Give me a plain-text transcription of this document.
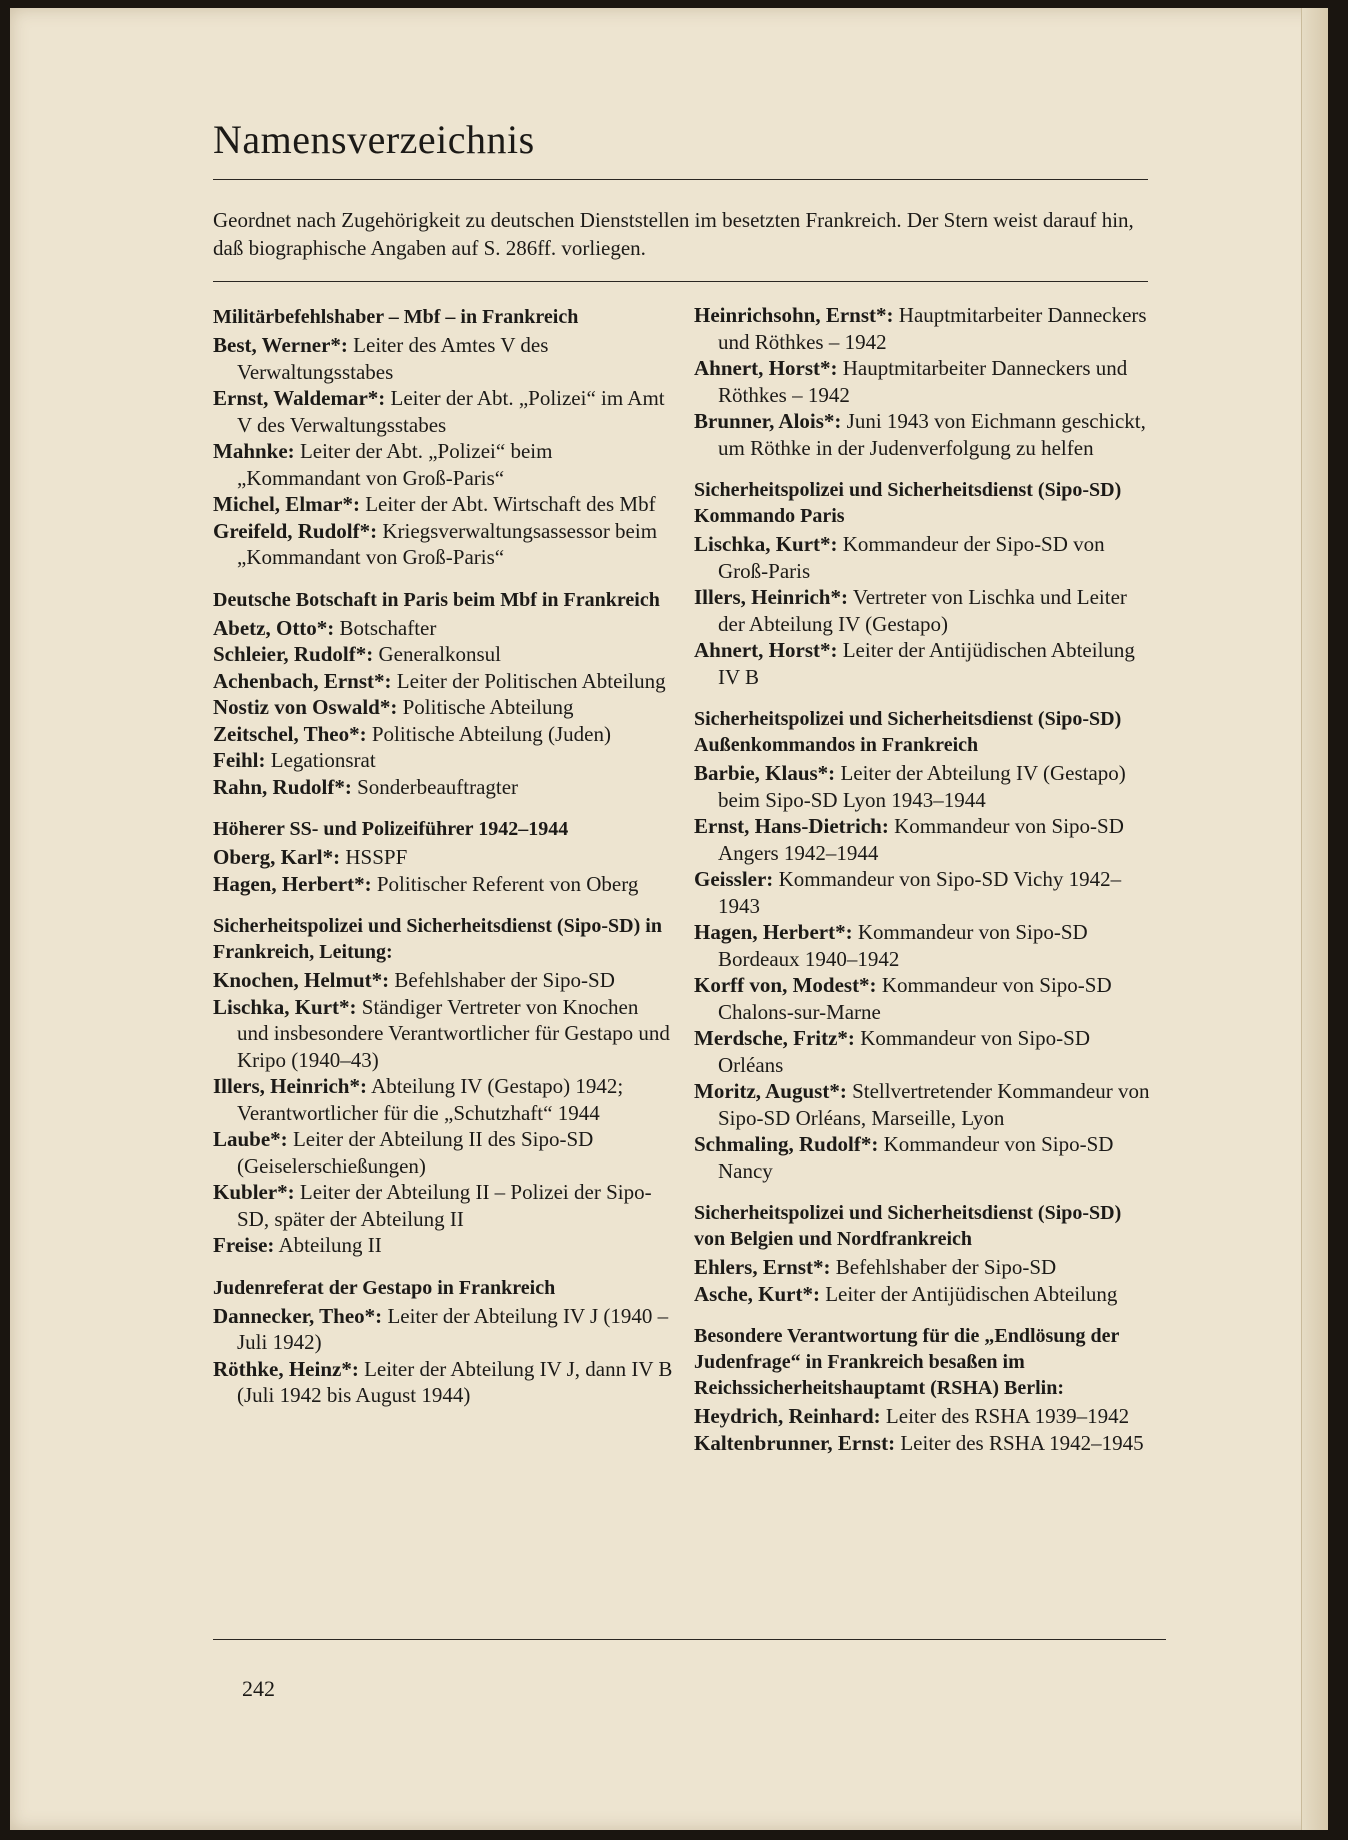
Namensverzeichnis

Geordnet nach Zugehörigkeit zu deutschen Dienststellen im besetzten Frankreich. Der Stern weist darauf hin, daß biographische Angaben auf S. 286ff. vorliegen.

Militärbefehlshaber – Mbf – in Frankreich

Best, Werner*: Leiter des Amtes V des Verwaltungsstabes

Ernst, Waldemar*: Leiter der Abt. „Polizei“ im Amt V des Verwaltungsstabes

Mahnke: Leiter der Abt. „Polizei“ beim „Kommandant von Groß-Paris“

Michel, Elmar*: Leiter der Abt. Wirtschaft des Mbf

Greifeld, Rudolf*: Kriegsverwaltungsassessor beim „Kommandant von Groß-Paris“

Deutsche Botschaft in Paris beim Mbf in Frankreich

Abetz, Otto*: Botschafter

Schleier, Rudolf*: Generalkonsul

Achenbach, Ernst*: Leiter der Politischen Abteilung

Nostiz von Oswald*: Politische Abteilung

Zeitschel, Theo*: Politische Abteilung (Juden)

Feihl: Legationsrat

Rahn, Rudolf*: Sonderbeauftragter

Höherer SS- und Polizeiführer 1942–1944

Oberg, Karl*: HSSPF

Hagen, Herbert*: Politischer Referent von Oberg

Sicherheitspolizei und Sicherheitsdienst (Sipo-SD) in Frankreich, Leitung:

Knochen, Helmut*: Befehlshaber der Sipo-SD

Lischka, Kurt*: Ständiger Vertreter von Knochen und insbesondere Verantwortlicher für Gestapo und Kripo (1940–43)

Illers, Heinrich*: Abteilung IV (Gestapo) 1942; Verantwortlicher für die „Schutzhaft“ 1944

Laube*: Leiter der Abteilung II des Sipo-SD (Geiselerschießungen)

Kubler*: Leiter der Abteilung II – Polizei der Sipo-SD, später der Abteilung II

Freise: Abteilung II

Judenreferat der Gestapo in Frankreich

Dannecker, Theo*: Leiter der Abteilung IV J (1940 – Juli 1942)

Röthke, Heinz*: Leiter der Abteilung IV J, dann IV B (Juli 1942 bis August 1944)

Heinrichsohn, Ernst*: Hauptmitarbeiter Danneckers und Röthkes – 1942

Ahnert, Horst*: Hauptmitarbeiter Danneckers und Röthkes – 1942

Brunner, Alois*: Juni 1943 von Eichmann geschickt, um Röthke in der Judenverfolgung zu helfen

Sicherheitspolizei und Sicherheitsdienst (Sipo-SD) Kommando Paris

Lischka, Kurt*: Kommandeur der Sipo-SD von Groß-Paris

Illers, Heinrich*: Vertreter von Lischka und Leiter der Abteilung IV (Gestapo)

Ahnert, Horst*: Leiter der Antijüdischen Abteilung IV B

Sicherheitspolizei und Sicherheitsdienst (Sipo-SD) Außenkommandos in Frankreich

Barbie, Klaus*: Leiter der Abteilung IV (Gestapo) beim Sipo-SD Lyon 1943–1944

Ernst, Hans-Dietrich: Kommandeur von Sipo-SD Angers 1942–1944

Geissler: Kommandeur von Sipo-SD Vichy 1942–1943

Hagen, Herbert*: Kommandeur von Sipo-SD Bordeaux 1940–1942

Korff von, Modest*: Kommandeur von Sipo-SD Chalons-sur-Marne

Merdsche, Fritz*: Kommandeur von Sipo-SD Orléans

Moritz, August*: Stellvertretender Kommandeur von Sipo-SD Orléans, Marseille, Lyon

Schmaling, Rudolf*: Kommandeur von Sipo-SD Nancy

Sicherheitspolizei und Sicherheitsdienst (Sipo-SD) von Belgien und Nordfrankreich

Ehlers, Ernst*: Befehlshaber der Sipo-SD

Asche, Kurt*: Leiter der Antijüdischen Abteilung

Besondere Verantwortung für die „Endlösung der Judenfrage“ in Frankreich besaßen im Reichssicherheitshauptamt (RSHA) Berlin:

Heydrich, Reinhard: Leiter des RSHA 1939–1942

Kaltenbrunner, Ernst: Leiter des RSHA 1942–1945

242
